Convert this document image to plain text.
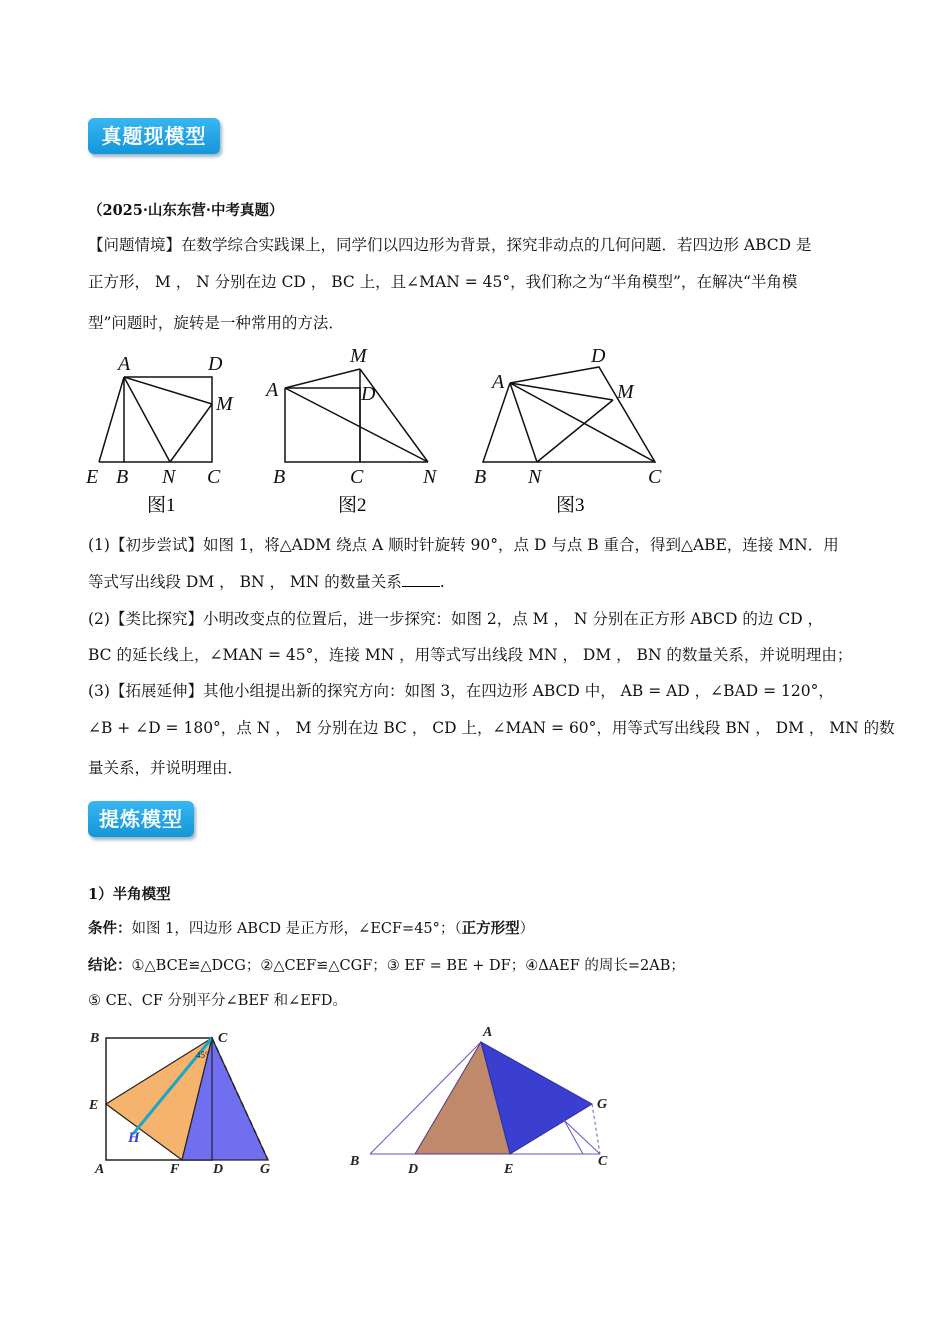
真题现模型
（2025·山东东营·中考真题）
【问题情境】在数学综合实践课上，同学们以四边形为背景，探究非动点的几何问题．若四边形 ABCD 是
正方形， M ， N 分别在边 CD ， BC 上，且∠MAN = 45°，我们称之为“半角模型”，在解决“半角模
型”问题时，旋转是一种常用的方法．
A	D
M
E B N C
图1
M
A	D
B	C	N
图2
D
A	M
B N	C
图3
(1)【初步尝试】如图 1，将△ADM 绕点 A 顺时针旋转 90°，点 D 与点 B 重合，得到△ABE，连接 MN．用
等式写出线段 DM ， BN ， MN 的数量关系 .
(2)【类比探究】小明改变点的位置后，进一步探究：如图 2，点 M ， N 分别在正方形 ABCD 的边 CD ，
BC 的延长线上，∠MAN = 45°，连接 MN ，用等式写出线段 MN ， DM ， BN 的数量关系，并说明理由；
(3)【拓展延伸】其他小组提出新的探究方向：如图 3，在四边形 ABCD 中， AB = AD ，∠BAD = 120°，
∠B + ∠D = 180°，点 N ， M 分别在边 BC ， CD 上，∠MAN = 60°，用等式写出线段 BN ， DM ， MN 的数
量关系，并说明理由．
提炼模型
1）半角模型
条件：如图 1，四边形 ABCD 是正方形，∠ECF=45°；（正方形型）
结论：①△BCE≌△DCG；②△CEF≌△CGF；③ EF = BE + DF；④ΔAEF 的周长=2AB；
⑤ CE、CF 分别平分∠BEF 和∠EFD。
45°
B	C
E
H
A	F D	G
A
G
B
D	E
C
